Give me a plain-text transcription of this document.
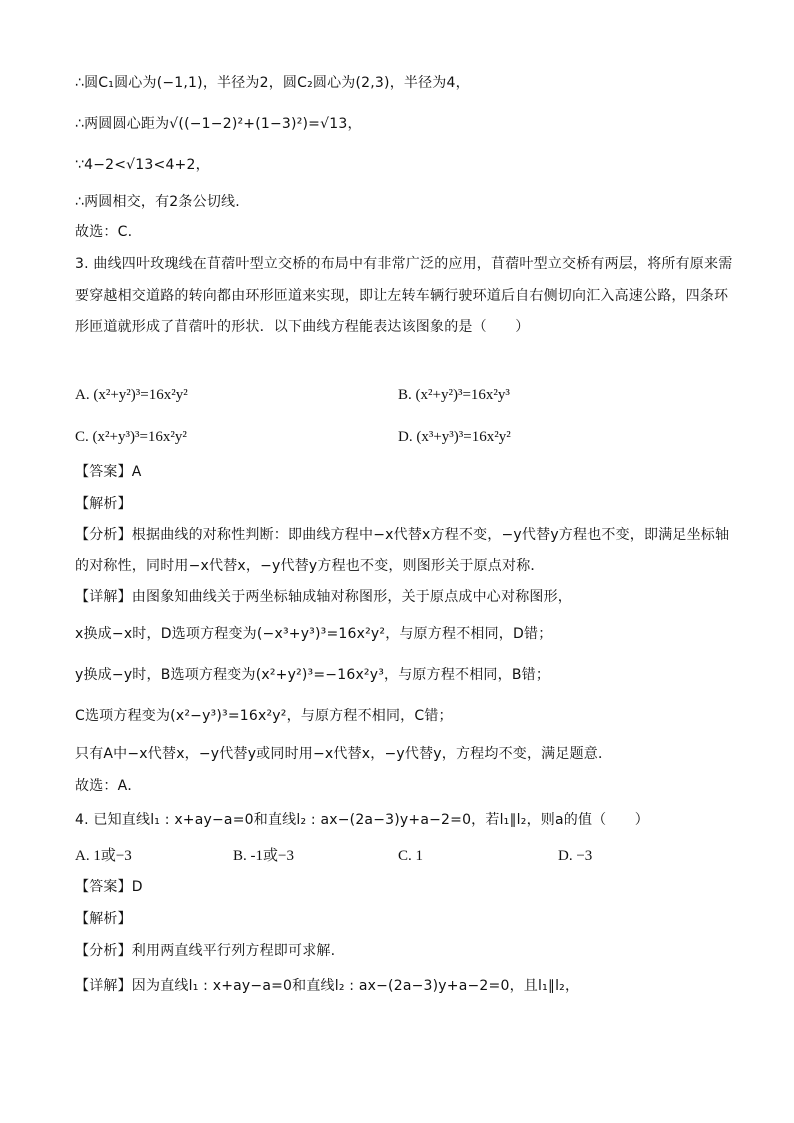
∴圆C₁圆心为(−1,1)，半径为2，圆C₂圆心为(2,3)，半径为4，
∴两圆圆心距为√((−1−2)²+(1−3)²)=√13，
∵4−2<√13<4+2，
∴两圆相交，有2条公切线.
故选：C.
3. 曲线四叶玫瑰线在苜蓿叶型立交桥的布局中有非常广泛的应用，苜蓿叶型立交桥有两层，将所有原来需
要穿越相交道路的转向都由环形匝道来实现，即让左转车辆行驶环道后自右侧切向汇入高速公路，四条环
形匝道就形成了苜蓿叶的形状．以下曲线方程能表达该图象的是（　　）
A. (x²+y²)³=16x²y²	B. (x²+y²)³=16x²y³
C. (x²+y³)³=16x²y²	D. (x³+y³)³=16x²y²
【答案】A
【解析】
【分析】根据曲线的对称性判断：即曲线方程中−x代替x方程不变，−y代替y方程也不变，即满足坐标轴
的对称性，同时用−x代替x，−y代替y方程也不变，则图形关于原点对称．
【详解】由图象知曲线关于两坐标轴成轴对称图形，关于原点成中心对称图形，
x换成−x时，D选项方程变为(−x³+y³)³=16x²y²，与原方程不相同，D错；
y换成−y时，B选项方程变为(x²+y²)³=−16x²y³，与原方程不相同，B错；
C选项方程变为(x²−y³)³=16x²y²，与原方程不相同，C错；
只有A中−x代替x，−y代替y或同时用−x代替x，−y代替y，方程均不变，满足题意．
故选：A．
4. 已知直线l₁ : x+ay−a=0和直线l₂ : ax−(2a−3)y+a−2=0，若l₁∥l₂，则a的值（　　）
A. 1或−3	B. -1或−3	C. 1	D. −3
【答案】D
【解析】
【分析】利用两直线平行列方程即可求解.
【详解】因为直线l₁ : x+ay−a=0和直线l₂ : ax−(2a−3)y+a−2=0，且l₁∥l₂，
